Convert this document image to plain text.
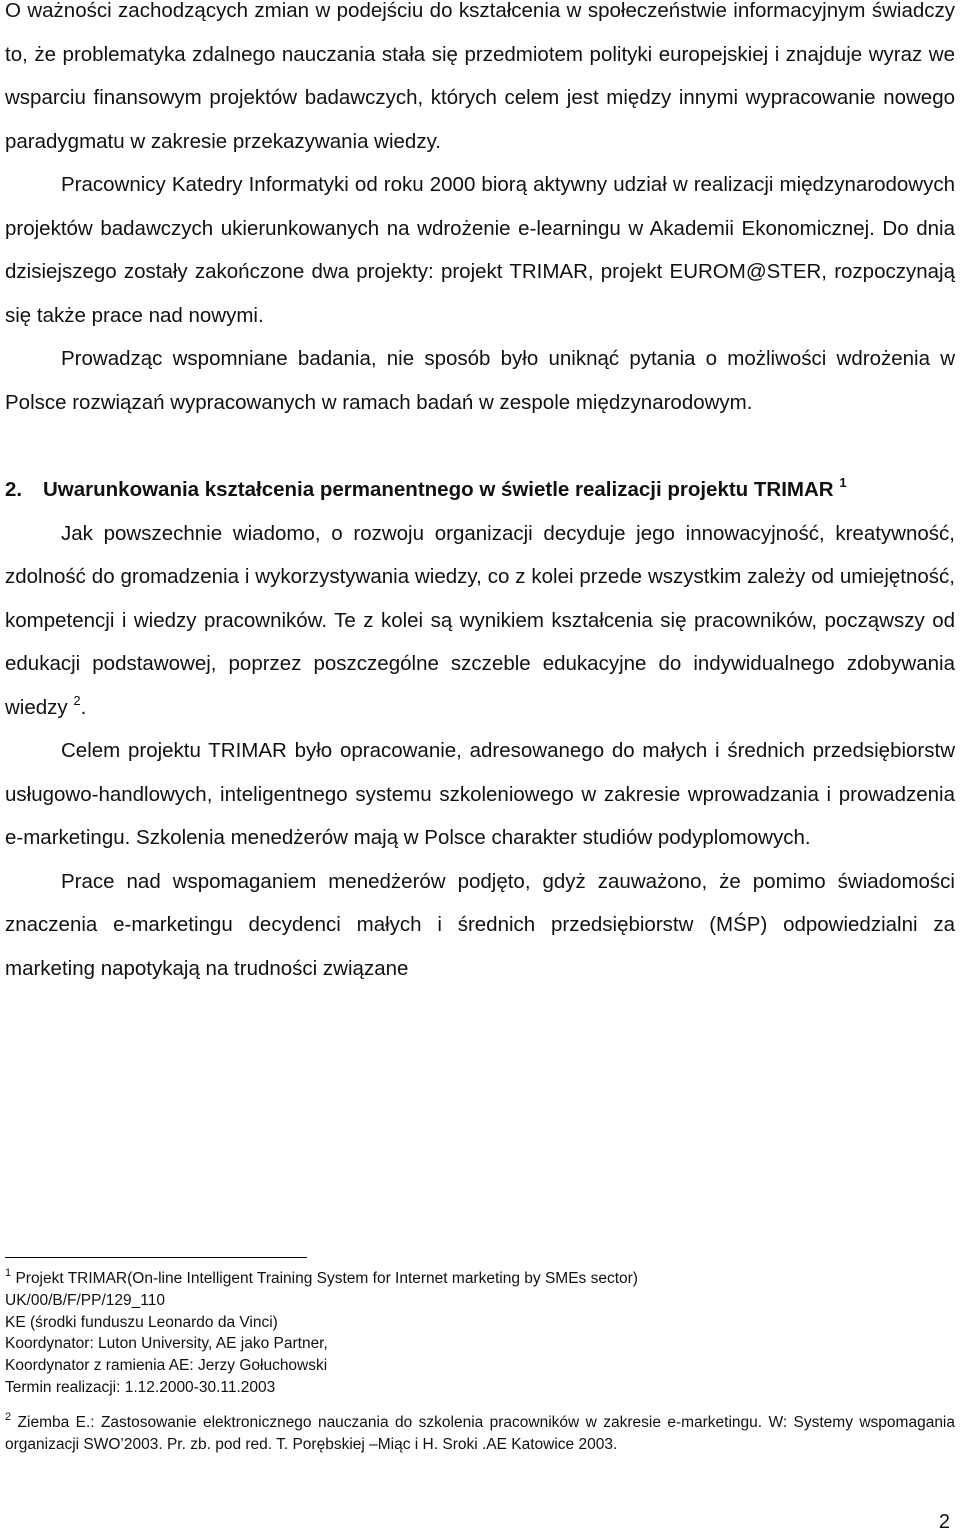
O ważności zachodzących zmian w podejściu do kształcenia w społeczeństwie informacyjnym świadczy to, że problematyka zdalnego nauczania stała się przedmiotem polityki europejskiej i znajduje wyraz we wsparciu finansowym projektów badawczych, których celem jest między innymi wypracowanie nowego paradygmatu w zakresie przekazywania wiedzy.

Pracownicy Katedry Informatyki od roku 2000 biorą aktywny udział w realizacji międzynarodowych projektów badawczych ukierunkowanych na wdrożenie e-learningu w Akademii Ekonomicznej. Do dnia dzisiejszego zostały zakończone dwa projekty: projekt TRIMAR, projekt EUROM@STER, rozpoczynają się także prace nad nowymi.

Prowadząc wspomniane badania, nie sposób było uniknąć pytania o możliwości wdrożenia w Polsce rozwiązań wypracowanych w ramach badań w zespole międzynarodowym.

2. Uwarunkowania kształcenia permanentnego w świetle realizacji projektu TRIMAR $^1$

Jak powszechnie wiadomo, o rozwoju organizacji decyduje jego innowacyjność, kreatywność, zdolność do gromadzenia i wykorzystywania wiedzy, co z kolei przede wszystkim zależy od umiejętność, kompetencji i wiedzy pracowników. Te z kolei są wynikiem kształcenia się pracowników, począwszy od edukacji podstawowej, poprzez poszczególne szczeble edukacyjne do indywidualnego zdobywania wiedzy $^2$.

Celem projektu TRIMAR było opracowanie, adresowanego do małych i średnich przedsiębiorstw usługowo-handlowych, inteligentnego systemu szkoleniowego w zakresie wprowadzania i prowadzenia e-marketingu. Szkolenia menedżerów mają w Polsce charakter studiów podyplomowych.

Prace nad wspomaganiem menedżerów podjęto, gdyż zauważono, że pomimo świadomości znaczenia e-marketingu decydenci małych i średnich przedsiębiorstw (MŚP) odpowiedzialni za marketing napotykają na trudności związane

$^1$ Projekt TRIMAR(On-line Intelligent Training System for Internet marketing by SMEs sector)
UK/00/B/F/PP/129_110
KE (środki funduszu Leonardo da Vinci)
Koordynator: Luton University, AE jako Partner,
Koordynator z ramienia AE: Jerzy Gołuchowski
Termin realizacji: 1.12.2000-30.11.2003
$^2$ Ziemba E.: Zastosowanie elektronicznego nauczania do szkolenia pracowników w zakresie e-marketingu. W: Systemy wspomagania organizacji SWO’2003. Pr. zb. pod red. T. Porębskiej –Miąc i H. Sroki .AE Katowice 2003.
2
